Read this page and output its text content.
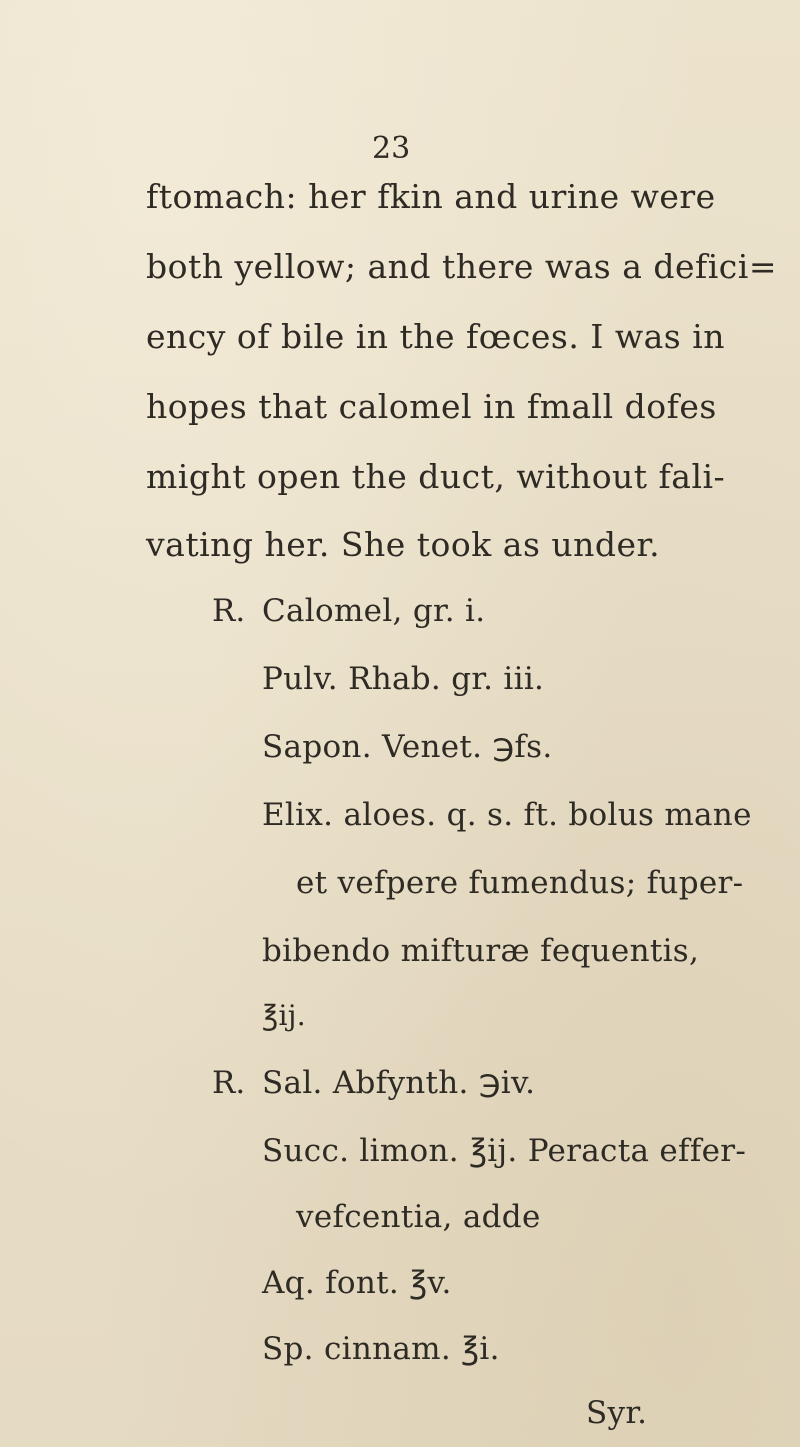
23
ftomach: her fkin and urine were
both yellow; and there was a defici=
ency of bile in the fœces. I was in
hopes that calomel in fmall dofes
might open the duct, without fali-
vating her. She took as under.
R. Calomel, gr. i.
Pulv. Rhab. gr. iii.
Sapon. Venet. ℈fs.
Elix. aloes. q. s. ft. bolus mane
et vefpere fumendus; fuper-
bibendo mifturæ fequentis,
℥ij.
R. Sal. Abfynth. ℈iv.
Succ. limon. ℥ij. Peracta effer-
vefcentia, adde
Aq. font. ℥v.
Sp. cinnam. ℥i.
Syr.
